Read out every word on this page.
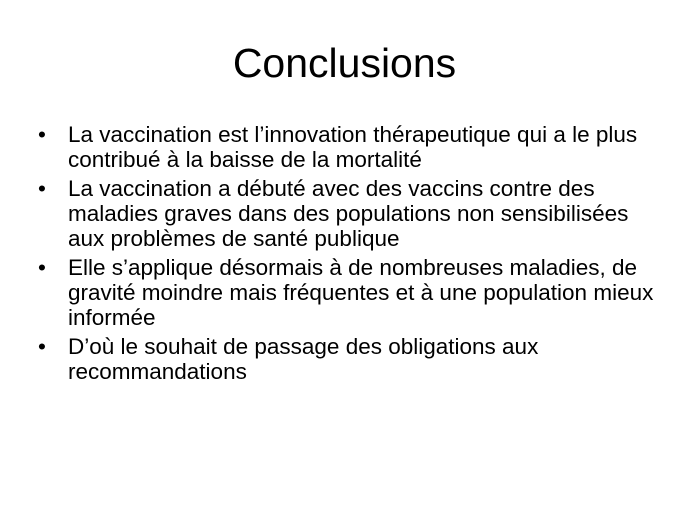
Conclusions
• La vaccination est l’innovation thérapeutique qui a le plus contribué à la baisse de la mortalité
• La vaccination a débuté avec des vaccins contre des maladies graves dans des populations non sensibilisées aux problèmes de santé publique
• Elle s’applique désormais à de nombreuses maladies, de gravité moindre mais fréquentes et à une population mieux informée
• D’où le souhait de passage des obligations aux recommandations
